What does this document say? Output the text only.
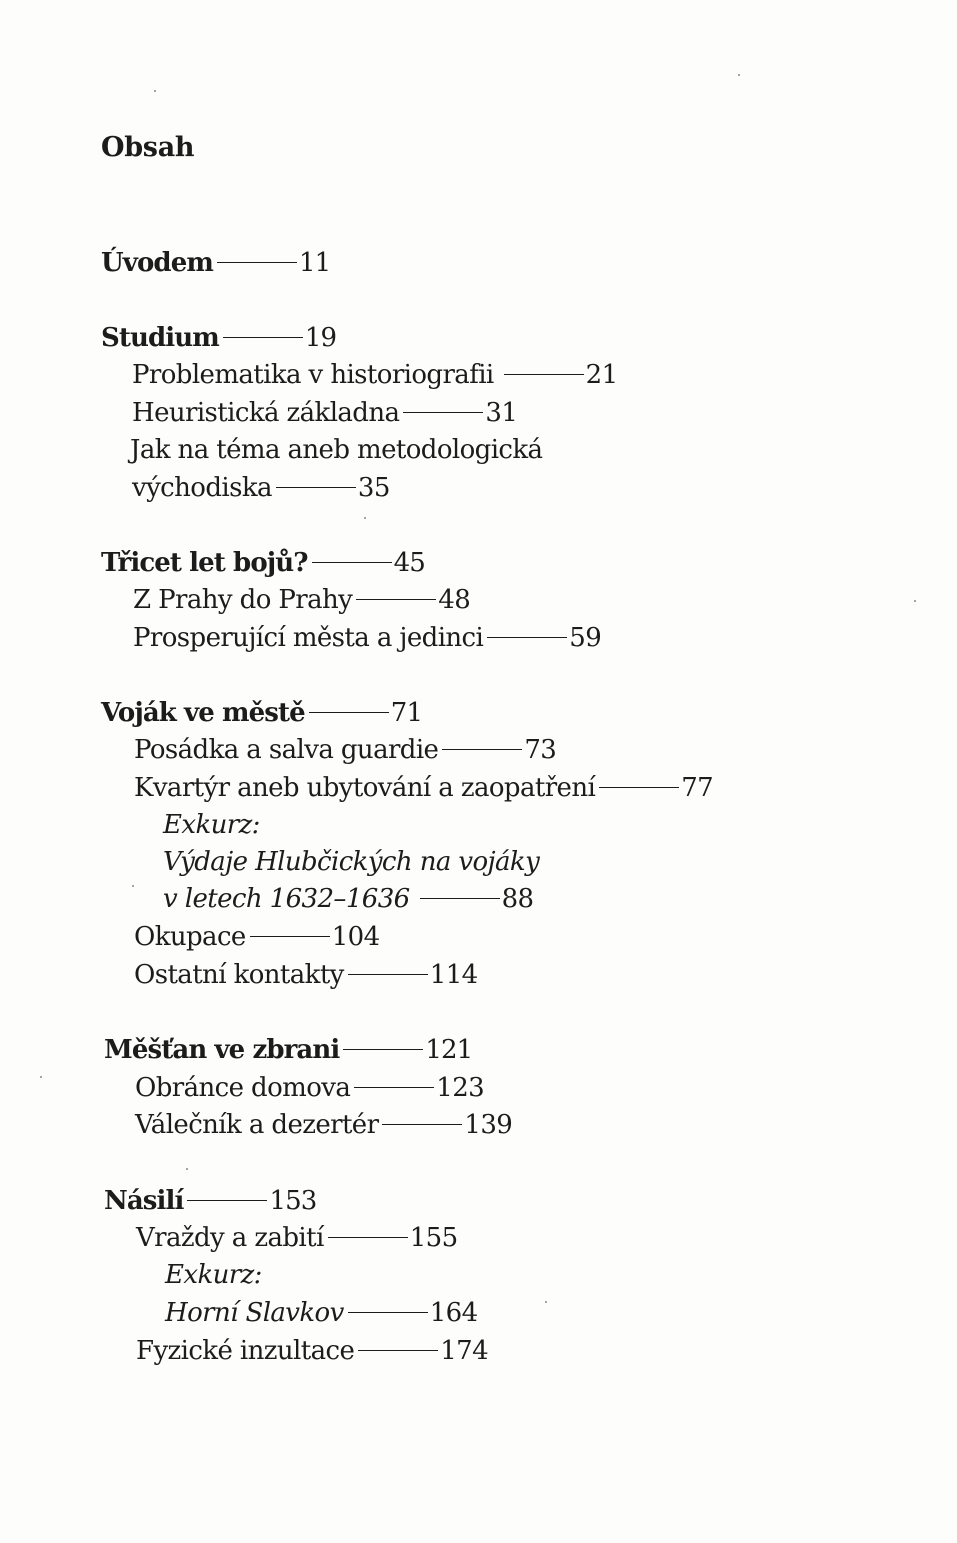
Obsah
Úvodem	11
Studium	19
Problematika v historiografii	21
Heuristická základna	31
Jak na téma aneb metodologická
východiska	35
Třicet let bojů?	45
Z Prahy do Prahy	48
Prosperující města a jedinci	59
Voják ve městě	71
Posádka a salva guardie	73
Kvartýr aneb ubytování a zaopatření	77
Exkurz:
Výdaje Hlubčických na vojáky
v letech 1632–1636	88
Okupace	104
Ostatní kontakty	114
Měšťan ve zbrani	121
Obránce domova	123
Válečník a dezertér	139
Násilí	153
Vraždy a zabití	155
Exkurz:
Horní Slavkov	164
Fyzické inzultace	174
